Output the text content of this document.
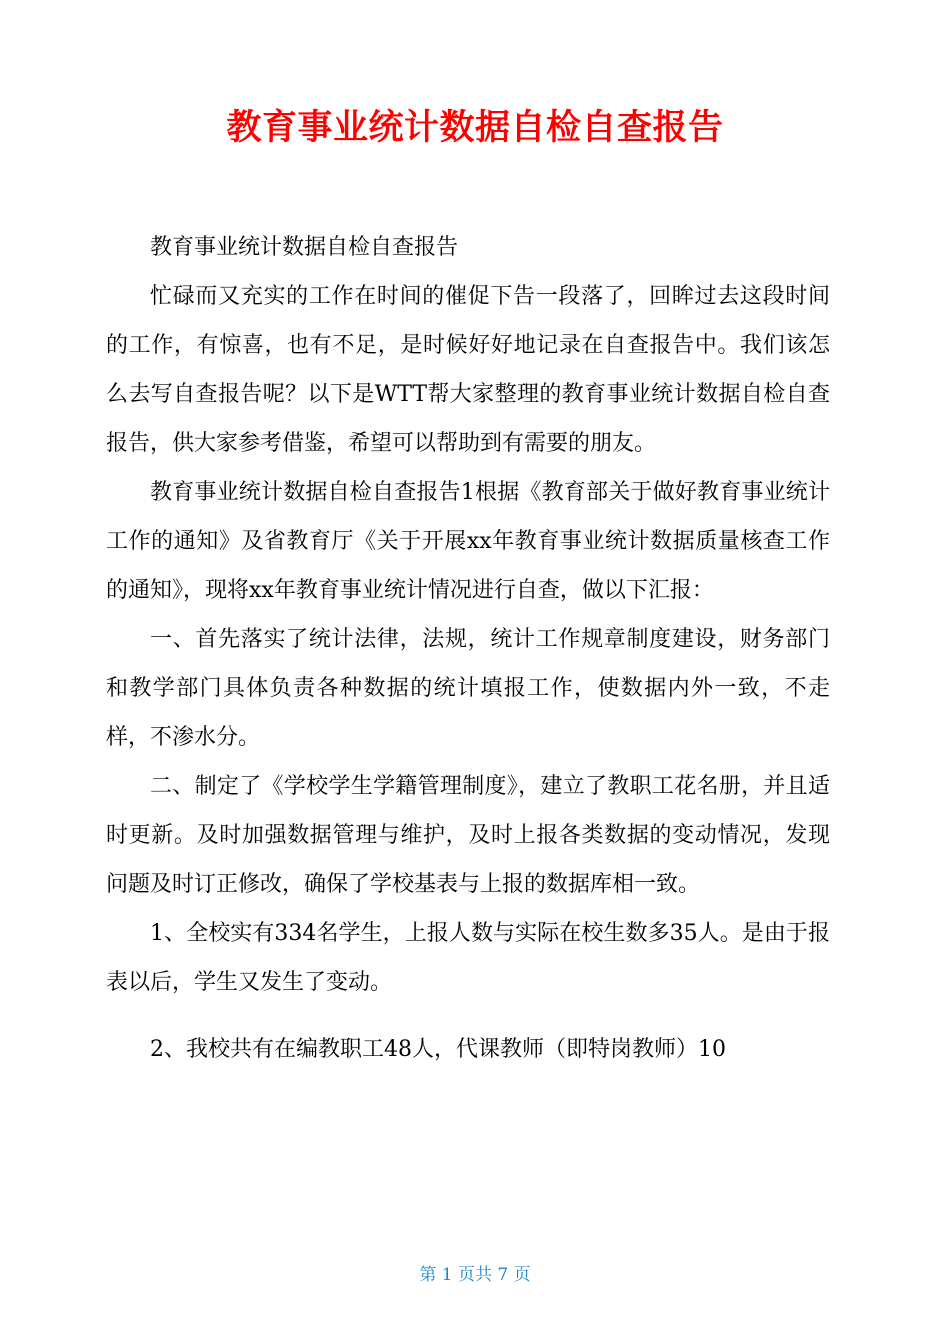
教育事业统计数据自检自查报告

教育事业统计数据自检自查报告

忙碌而又充实的工作在时间的催促下告一段落了，回眸过去这段时间的工作，有惊喜，也有不足，是时候好好地记录在自查报告中。我们该怎么去写自查报告呢？以下是WTT帮大家整理的教育事业统计数据自检自查报告，供大家参考借鉴，希望可以帮助到有需要的朋友。

教育事业统计数据自检自查报告1根据《教育部关于做好教育事业统计工作的通知》及省教育厅《关于开展xx年教育事业统计数据质量核查工作的通知》，现将xx年教育事业统计情况进行自查，做以下汇报：

一、首先落实了统计法律，法规，统计工作规章制度建设，财务部门和教学部门具体负责各种数据的统计填报工作，使数据内外一致，不走样，不渗水分。

二、制定了《学校学生学籍管理制度》，建立了教职工花名册，并且适时更新。及时加强数据管理与维护，及时上报各类数据的变动情况，发现问题及时订正修改，确保了学校基表与上报的数据库相一致。

1、全校实有334名学生，上报人数与实际在校生数多35人。是由于报表以后，学生又发生了变动。

2、我校共有在编教职工48人，代课教师（即特岗教师）10

第 1 页共 7 页
